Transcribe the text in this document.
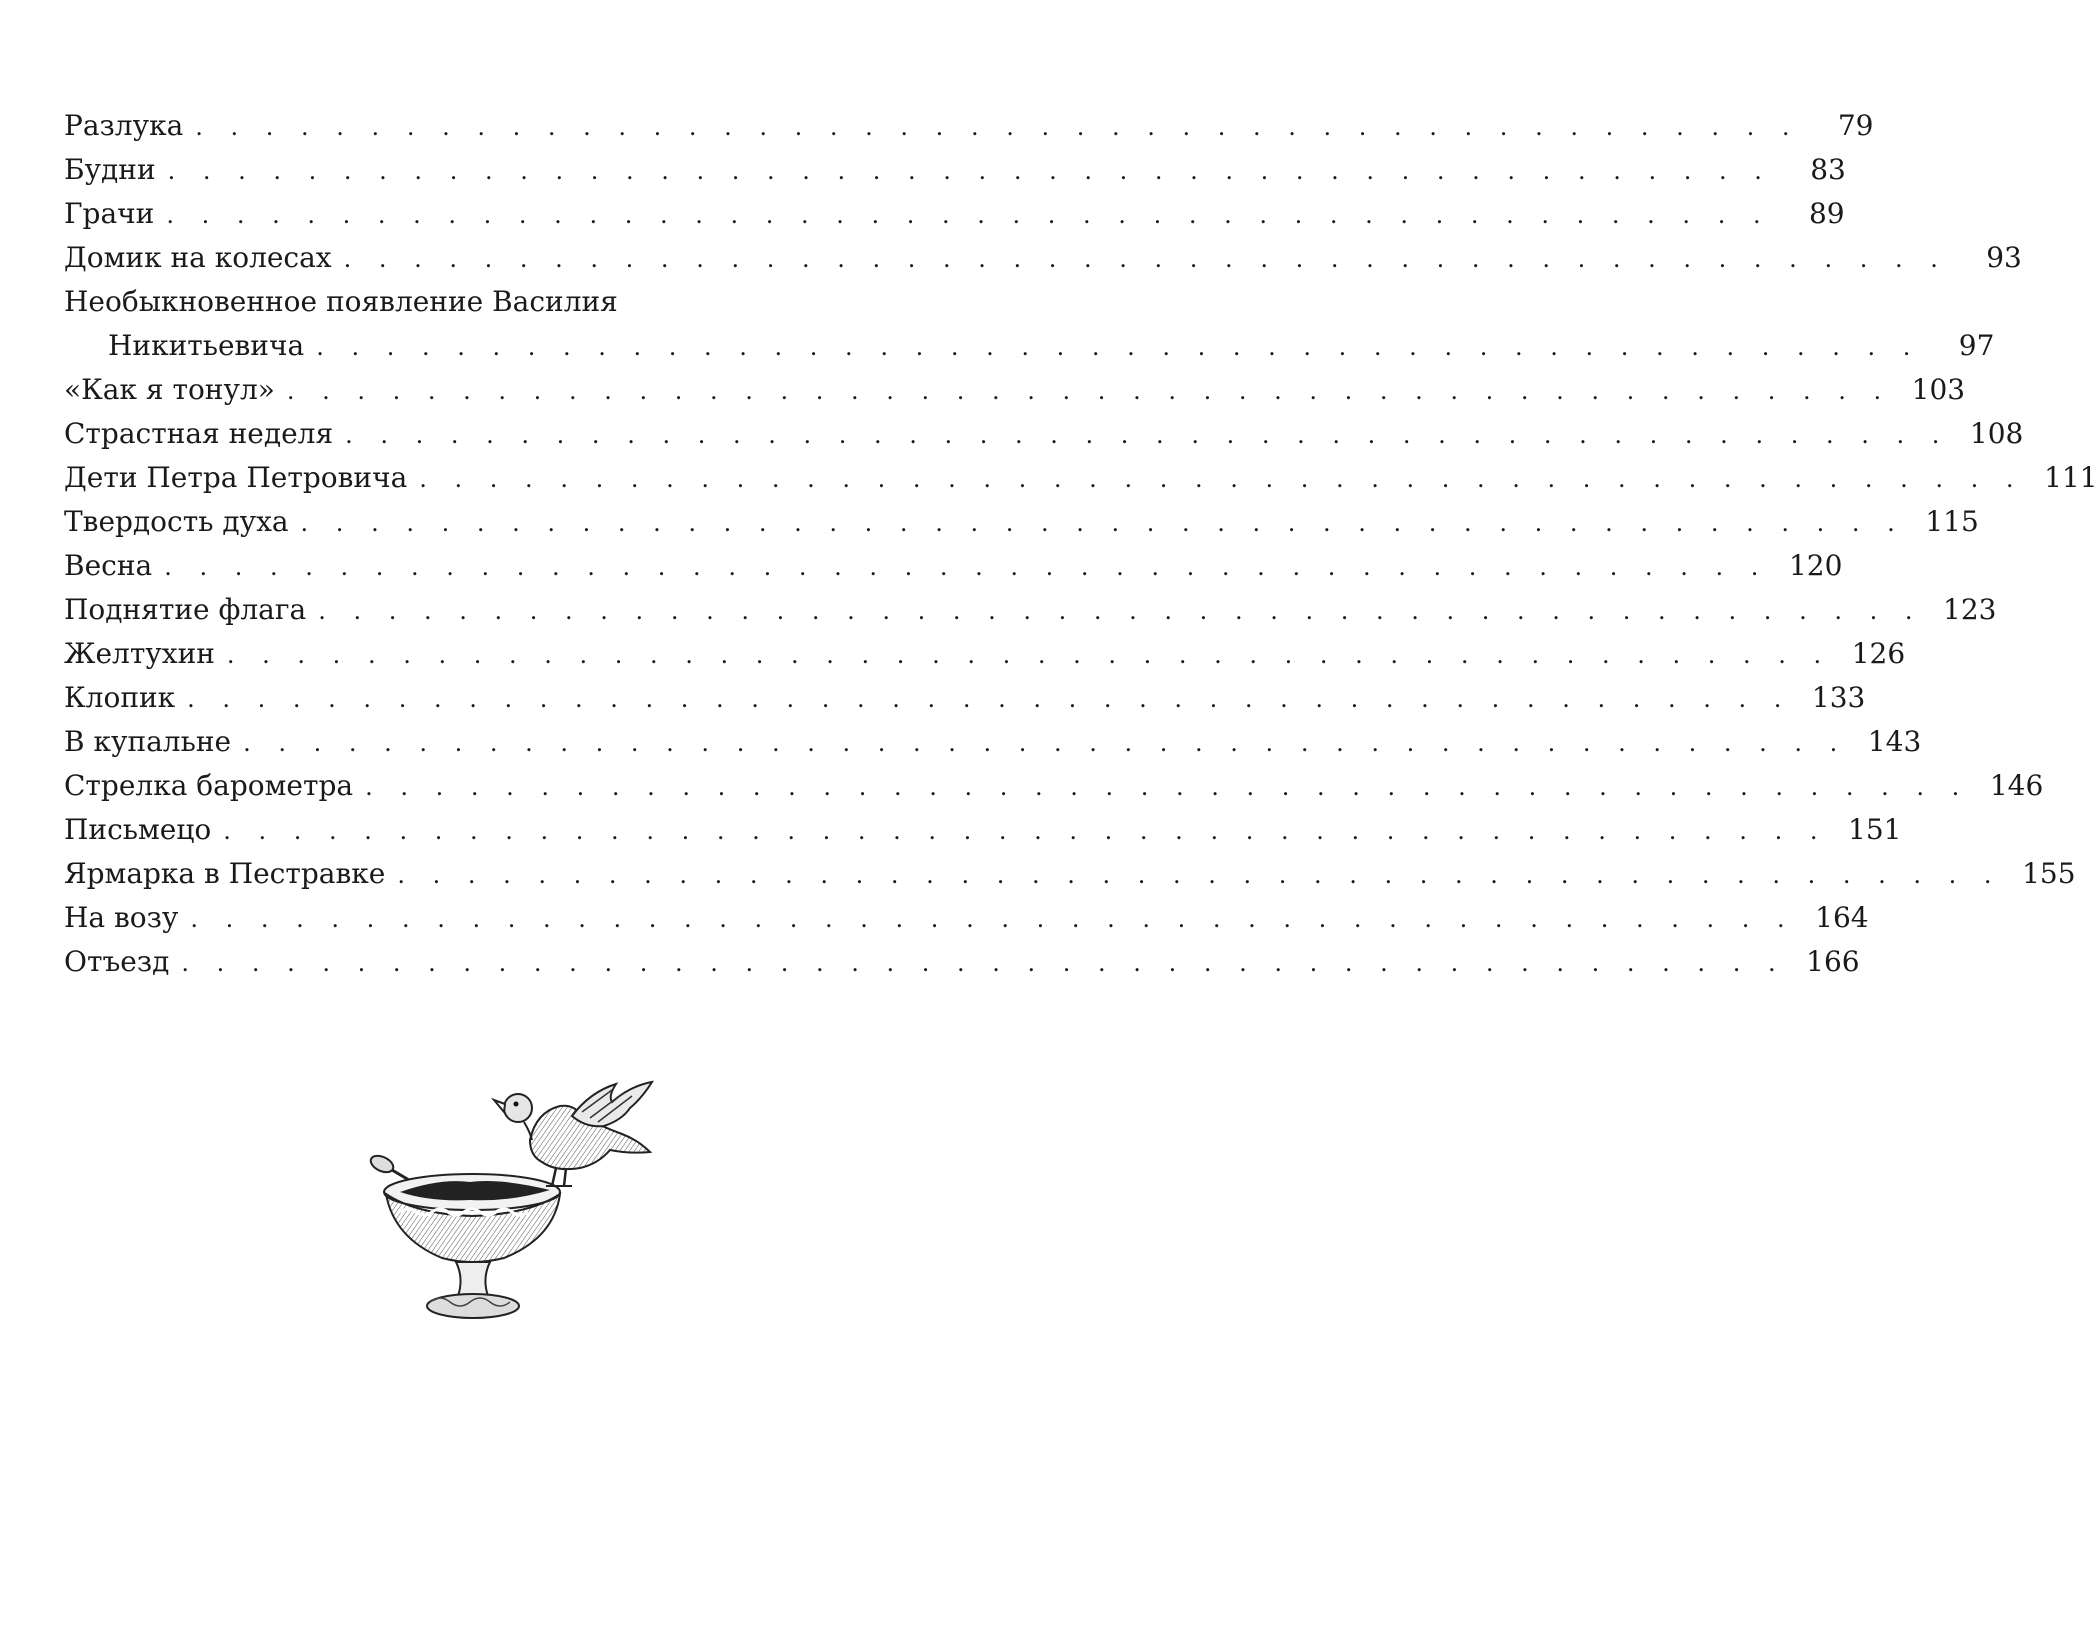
Разлука . . . . . . . . . . . . . . . . . . . . . . . . . . . . . . . . . . . . . . . . . . . . . .	79
Будни . . . . . . . . . . . . . . . . . . . . . . . . . . . . . . . . . . . . . . . . . . . . . .	83
Грачи . . . . . . . . . . . . . . . . . . . . . . . . . . . . . . . . . . . . . . . . . . . . . .	89
Домик на колесах . . . . . . . . . . . . . . . . . . . . . . . . . . . . . . . . . . . . . . . . . . . . . .	93
Необыкновенное появление Василия
Никитьевича . . . . . . . . . . . . . . . . . . . . . . . . . . . . . . . . . . . . . . . . . . . . . .	97
«Как я тонул» . . . . . . . . . . . . . . . . . . . . . . . . . . . . . . . . . . . . . . . . . . . . . . 103
Страстная неделя . . . . . . . . . . . . . . . . . . . . . . . . . . . . . . . . . . . . . . . . . . . . . . 108
Дети Петра Петровича . . . . . . . . . . . . . . . . . . . . . . . . . . . . . . . . . . . . . . . . . . . . . . 111
Твердость духа . . . . . . . . . . . . . . . . . . . . . . . . . . . . . . . . . . . . . . . . . . . . . . 115
Весна . . . . . . . . . . . . . . . . . . . . . . . . . . . . . . . . . . . . . . . . . . . . . . 120
Поднятие флага . . . . . . . . . . . . . . . . . . . . . . . . . . . . . . . . . . . . . . . . . . . . . . 123
Желтухин . . . . . . . . . . . . . . . . . . . . . . . . . . . . . . . . . . . . . . . . . . . . . . 126
Клопик . . . . . . . . . . . . . . . . . . . . . . . . . . . . . . . . . . . . . . . . . . . . . . 133
В купальне . . . . . . . . . . . . . . . . . . . . . . . . . . . . . . . . . . . . . . . . . . . . . . 143
Стрелка барометра . . . . . . . . . . . . . . . . . . . . . . . . . . . . . . . . . . . . . . . . . . . . . . 146
Письмецо . . . . . . . . . . . . . . . . . . . . . . . . . . . . . . . . . . . . . . . . . . . . . . 151
Ярмарка в Пестравке . . . . . . . . . . . . . . . . . . . . . . . . . . . . . . . . . . . . . . . . . . . . . . 155
На возу . . . . . . . . . . . . . . . . . . . . . . . . . . . . . . . . . . . . . . . . . . . . . . 164
Отъезд . . . . . . . . . . . . . . . . . . . . . . . . . . . . . . . . . . . . . . . . . . . . . . 166
